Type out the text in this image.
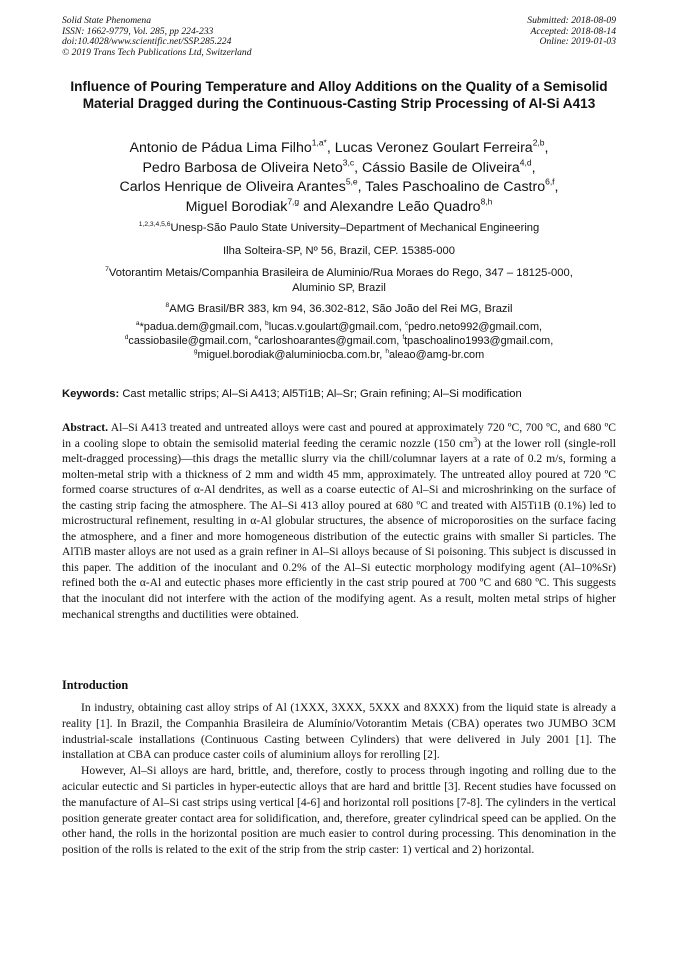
Solid State Phenomena
ISSN: 1662-9779, Vol. 285, pp 224-233
doi:10.4028/www.scientific.net/SSP.285.224
© 2019 Trans Tech Publications Ltd, Switzerland
Submitted: 2018-08-09
Accepted: 2018-08-14
Online: 2019-01-03
Influence of Pouring Temperature and Alloy Additions on the Quality of a Semisolid Material Dragged during the Continuous-Casting Strip Processing of Al-Si A413
Antonio de Pádua Lima Filho$^{1,a*}$, Lucas Veronez Goulart Ferreira$^{2,b}$,
Pedro Barbosa de Oliveira Neto$^{3,c}$, Cássio Basile de Oliveira$^{4,d}$,
Carlos Henrique de Oliveira Arantes$^{5,e}$, Tales Paschoalino de Castro$^{6,f}$,
Miguel Borodiak$^{7,g}$ and Alexandre Leão Quadro$^{8,h}$
$^{1,2,3,4,5,6}$Unesp-São Paulo State University–Department of Mechanical Engineering
Ilha Solteira-SP, Nº 56, Brazil, CEP. 15385-000
$^7$Votorantim Metais/Companhia Brasileira de Aluminio/Rua Moraes do Rego, 347 – 18125-000,
Aluminio SP, Brazil
$^8$AMG Brasil/BR 383, km 94, 36.302-812, São João del Rei MG, Brazil
$^a$*padua.dem@gmail.com, $^b$lucas.v.goulart@gmail.com, $^c$pedro.neto992@gmail.com,
$^d$cassiobasile@gmail.com, $^e$carloshoarantes@gmail.com, $^f$tpaschoalino1993@gmail.com,
$^g$miguel.borodiak@aluminiocba.com.br, $^h$aleao@amg-br.com
Keywords: Cast metallic strips; Al–Si A413; Al5Ti1B; Al–Sr; Grain refining; Al–Si modification
Abstract. Al–Si A413 treated and untreated alloys were cast and poured at approximately 720 ºC, 700 ºC, and 680 ºC in a cooling slope to obtain the semisolid material feeding the ceramic nozzle (150 $cm^3$) at the lower roll (single-roll melt-dragged processing)—this drags the metallic slurry via the chill/columnar layers at a rate of 0.2 m/s, forming a molten-metal strip with a thickness of 2 mm and width 45 mm, approximately. The untreated alloy poured at 720 ºC formed coarse structures of α-Al dendrites, as well as a coarse eutectic of Al–Si and microshrinking on the surface of the casting strip facing the atmosphere. The Al–Si 413 alloy poured at 680 ºC and treated with Al5Ti1B (0.1%) led to microstructural refinement, resulting in α-Al globular structures, the absence of microporosities on the surface facing the atmosphere, and a finer and more homogeneous distribution of the eutectic grains with smaller Si particles. The AlTiB master alloys are not used as a grain refiner in Al–Si alloys because of Si poisoning. This subject is discussed in this paper. The addition of the inoculant and 0.2% of the Al–Si eutectic morphology modifying agent (Al–10%Sr) refined both the α-Al and eutectic phases more efficiently in the cast strip poured at 700 ºC and 680 ºC. This suggests that the inoculant did not interfere with the action of the modifying agent. As a result, molten metal strips of higher mechanical strengths and ductilities were obtained.
Introduction

In industry, obtaining cast alloy strips of Al (1XXX, 3XXX, 5XXX and 8XXX) from the liquid state is already a reality [1]. In Brazil, the Companhia Brasileira de Alumínio/Votorantim Metais (CBA) operates two JUMBO 3CM industrial-scale installations (Continuous Casting between Cylinders) that were delivered in July 2001 [1]. The installation at CBA can produce caster coils of aluminium alloys for rerolling [2].

However, Al–Si alloys are hard, brittle, and, therefore, costly to process through ingoting and rolling due to the acicular eutectic and Si particles in hyper-eutectic alloys that are hard and brittle [3]. Recent studies have focussed on the manufacture of Al–Si cast strips using vertical [4-6] and horizontal roll positions [7-8]. The cylinders in the vertical position generate greater contact area for solidification, and, therefore, greater cylindrical speed can be applied. On the other hand, the rolls in the horizontal position are much easier to control during processing. This denomination in the position of the rolls is related to the exit of the strip from the strip caster: 1) vertical and 2) horizontal.
